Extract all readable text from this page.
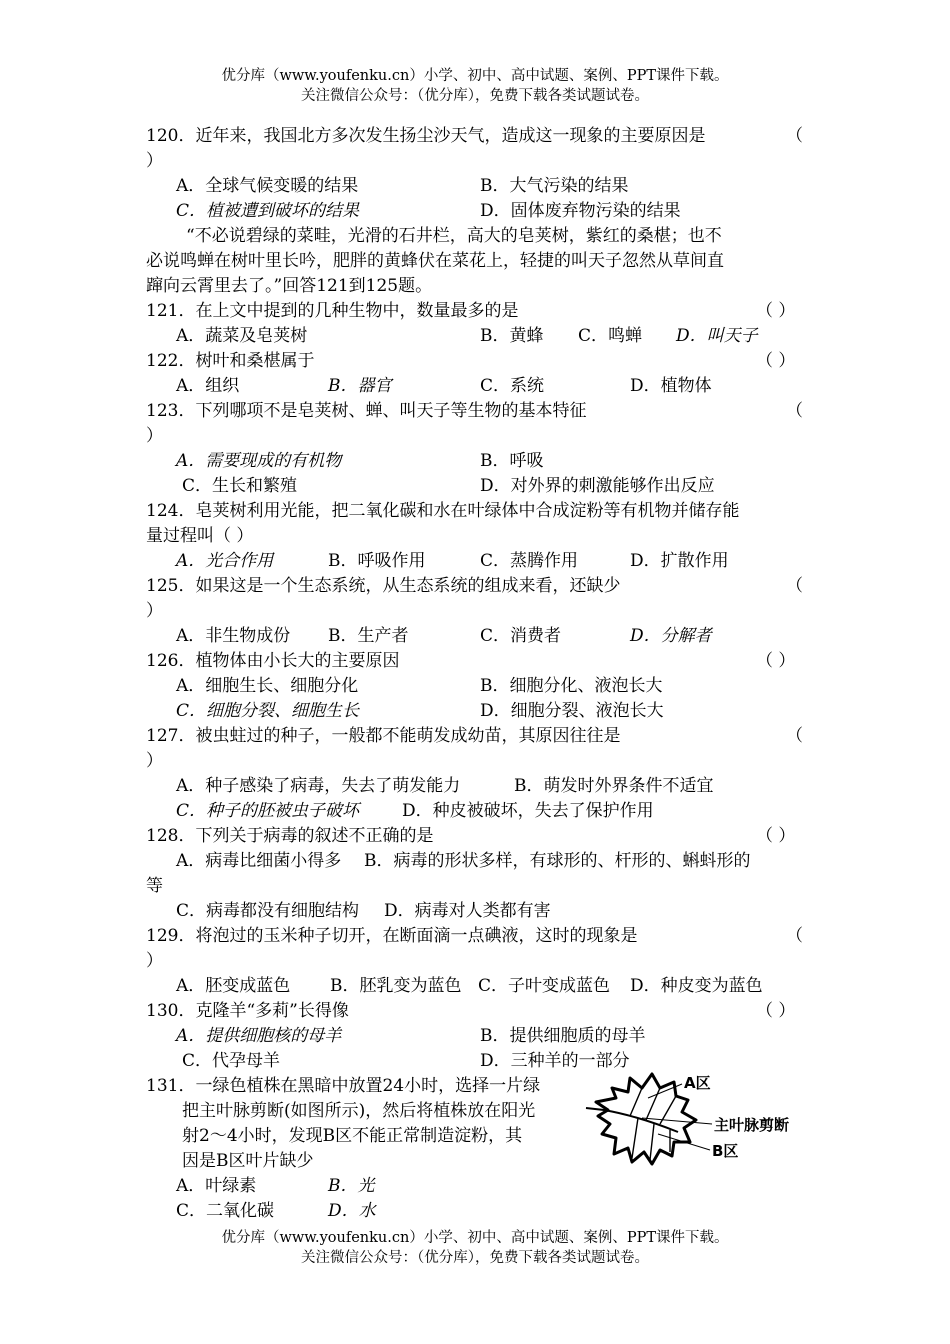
优分库（www.youfenku.cn）小学、初中、高中试题、案例、PPT课件下载。
关注微信公众号：（优分库），免费下载各类试题试卷。
120．近年来，我国北方多次发生扬尘沙天气，造成这一现象的主要原因是	（
）
A．全球气候变暖的结果	B．大气污染的结果
C．植被遭到破坏的结果	D．固体废弃物污染的结果
“不必说碧绿的菜畦，光滑的石井栏，高大的皂荚树，紫红的桑椹；也不
必说鸣蝉在树叶里长吟，肥胖的黄蜂伏在菜花上，轻捷的叫天子忽然从草间直
蹿向云霄里去了。”回答121到125题。
121．在上文中提到的几种生物中，数量最多的是	（ ）
A．蔬菜及皂荚树	B．黄蜂 C．鸣蝉 D．叫天子
122．树叶和桑椹属于	（ ）
A．组织	B．器官	C．系统	D．植物体
123．下列哪项不是皂荚树、蝉、叫天子等生物的基本特征	（
）
A．需要现成的有机物	B．呼吸
C．生长和繁殖	D．对外界的刺激能够作出反应
124．皂荚树利用光能，把二氧化碳和水在叶绿体中合成淀粉等有机物并储存能
量过程叫（ ）
A．光合作用	B．呼吸作用	C．蒸腾作用	D．扩散作用
125．如果这是一个生态系统，从生态系统的组成来看，还缺少	（
）
A．非生物成份 B．生产者	C．消费者	D．分解者
126．植物体由小长大的主要原因	（ ）
A．细胞生长、细胞分化	B．细胞分化、液泡长大
C．细胞分裂、细胞生长	D．细胞分裂、液泡长大
127．被虫蛀过的种子，一般都不能萌发成幼苗，其原因往往是	（
）
A．种子感染了病毒，失去了萌发能力	B．萌发时外界条件不适宜
C．种子的胚被虫子破坏	D．种皮被破坏，失去了保护作用
128．下列关于病毒的叙述不正确的是	（ ）
A．病毒比细菌小得多 B．病毒的形状多样，有球形的、杆形的、蝌蚪形的
等
C．病毒都没有细胞结构 D．病毒对人类都有害
129．将泡过的玉米种子切开，在断面滴一点碘液，这时的现象是	（
）
A．胚变成蓝色 B．胚乳变为蓝色 C．子叶变成蓝色 D．种皮变为蓝色
130．克隆羊“多莉”长得像	（ ）
A．提供细胞核的母羊	B．提供细胞质的母羊
C．代孕母羊	D．三种羊的一部分
131．一绿色植株在黑暗中放置24小时，选择一片绿
把主叶脉剪断(如图所示)，然后将植株放在阳光
射2～4小时，发现B区不能正常制造淀粉，其
因是B区叶片缺少
A．叶绿素	B．光
C．二氧化碳	D．水
A区
主叶脉剪断
B区
优分库（www.youfenku.cn）小学、初中、高中试题、案例、PPT课件下载。
关注微信公众号：（优分库），免费下载各类试题试卷。
